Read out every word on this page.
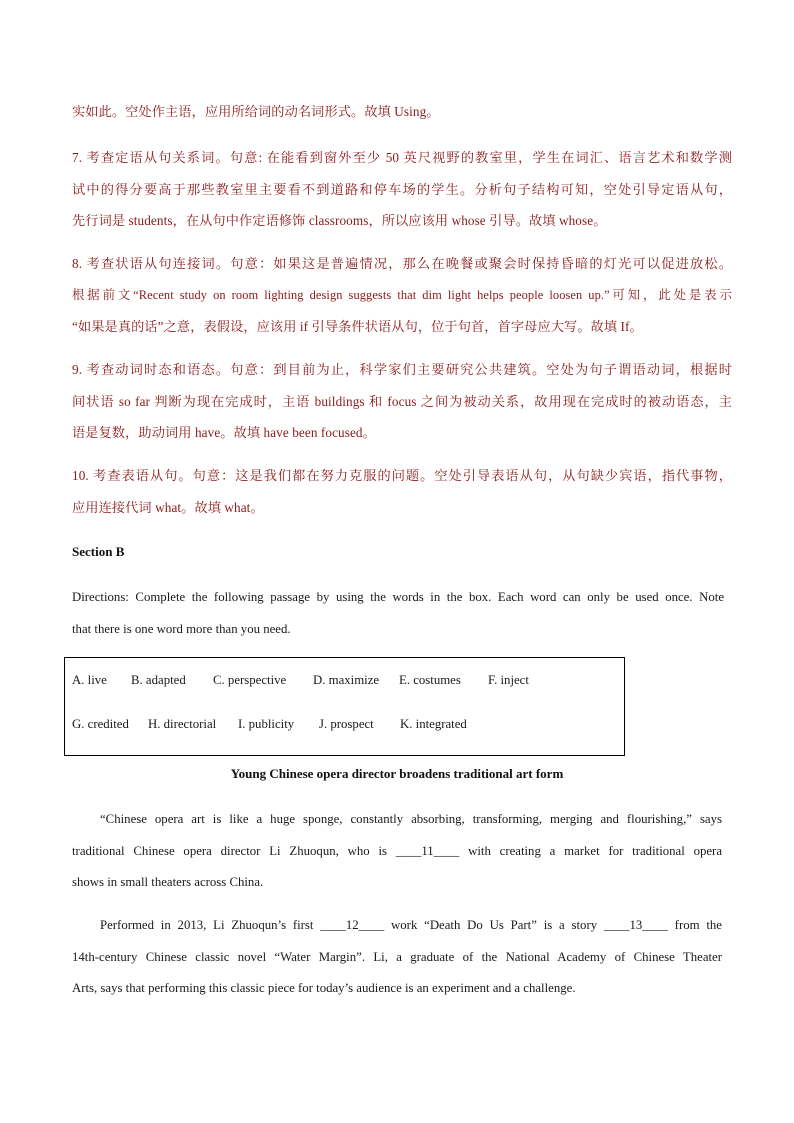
实如此。空处作主语，应用所给词的动名词形式。故填 Using。
7. 考查定语从句关系词。句意: 在能看到窗外至少 50 英尺视野的教室里，学生在词汇、语言艺术和数学测
试中的得分要高于那些教室里主要看不到道路和停车场的学生。分析句子结构可知，空处引导定语从句，
先行词是 students，在从句中作定语修饰 classrooms，所以应该用 whose 引导。故填 whose。
8. 考查状语从句连接词。句意：如果这是普遍情况，那么在晚餐或聚会时保持昏暗的灯光可以促进放松。
根据前文“Recent study on room lighting design suggests that dim light helps people loosen up.”可知，此处是表示
“如果是真的话”之意，表假设，应该用 if 引导条件状语从句，位于句首，首字母应大写。故填 If。
9. 考查动词时态和语态。句意：到目前为止，科学家们主要研究公共建筑。空处为句子谓语动词，根据时
间状语 so far 判断为现在完成时，主语 buildings 和 focus 之间为被动关系，故用现在完成时的被动语态，主
语是复数，助动词用 have。故填 have been focused。
10. 考查表语从句。句意：这是我们都在努力克服的问题。空处引导表语从句，从句缺少宾语，指代事物，
应用连接代词 what。故填 what。
Section B
Directions: Complete the following passage by using the words in the box. Each word can only be used once. Note
that there is one word more than you need.
A. live B. adapted C. perspective D. maximize E. costumes F. inject
G. credited H. directorial I. publicity J. prospect K. integrated
Young Chinese opera director broadens traditional art form
“Chinese opera art is like a huge sponge, constantly absorbing, transforming, merging and flourishing,” says
traditional Chinese opera director Li Zhuoqun, who is ____11____ with creating a market for traditional opera
shows in small theaters across China.
Performed in 2013, Li Zhuoqun’s first ____12____ work “Death Do Us Part” is a story ____13____ from the
14th-century Chinese classic novel “Water Margin”. Li, a graduate of the National Academy of Chinese Theater
Arts, says that performing this classic piece for today’s audience is an experiment and a challenge.
